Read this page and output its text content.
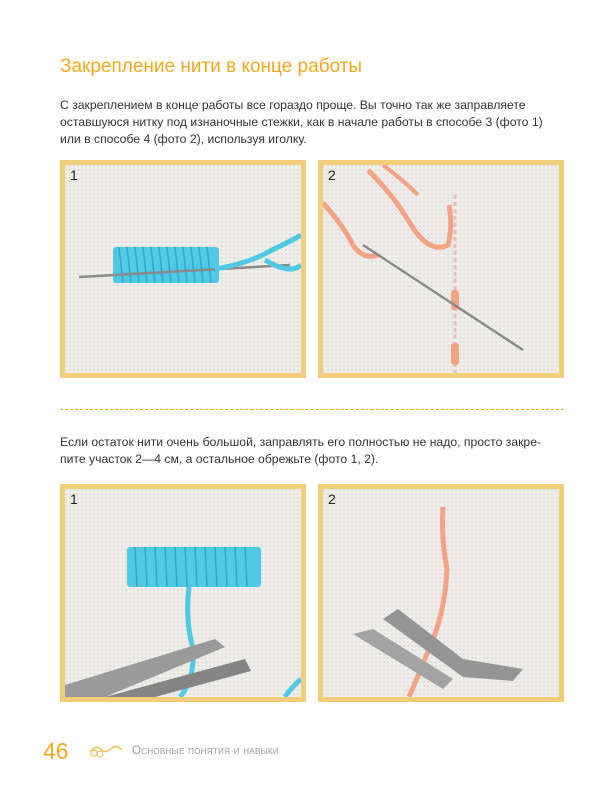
Закрепление нити в конце работы
С закреплением в конце работы все гораздо проще. Вы точно так же заправляете
оставшуюся нитку под изнаночные стежки, как в начале работы в способе 3 (фото 1)
или в способе 4 (фото 2), используя иголку.
1	2
Если остаток нити очень большой, заправлять его полностью не надо, просто закре-
пите участок 2—4 см, а остальное обрежьте (фото 1, 2).
1	2
46	Основные понятия и навыки
